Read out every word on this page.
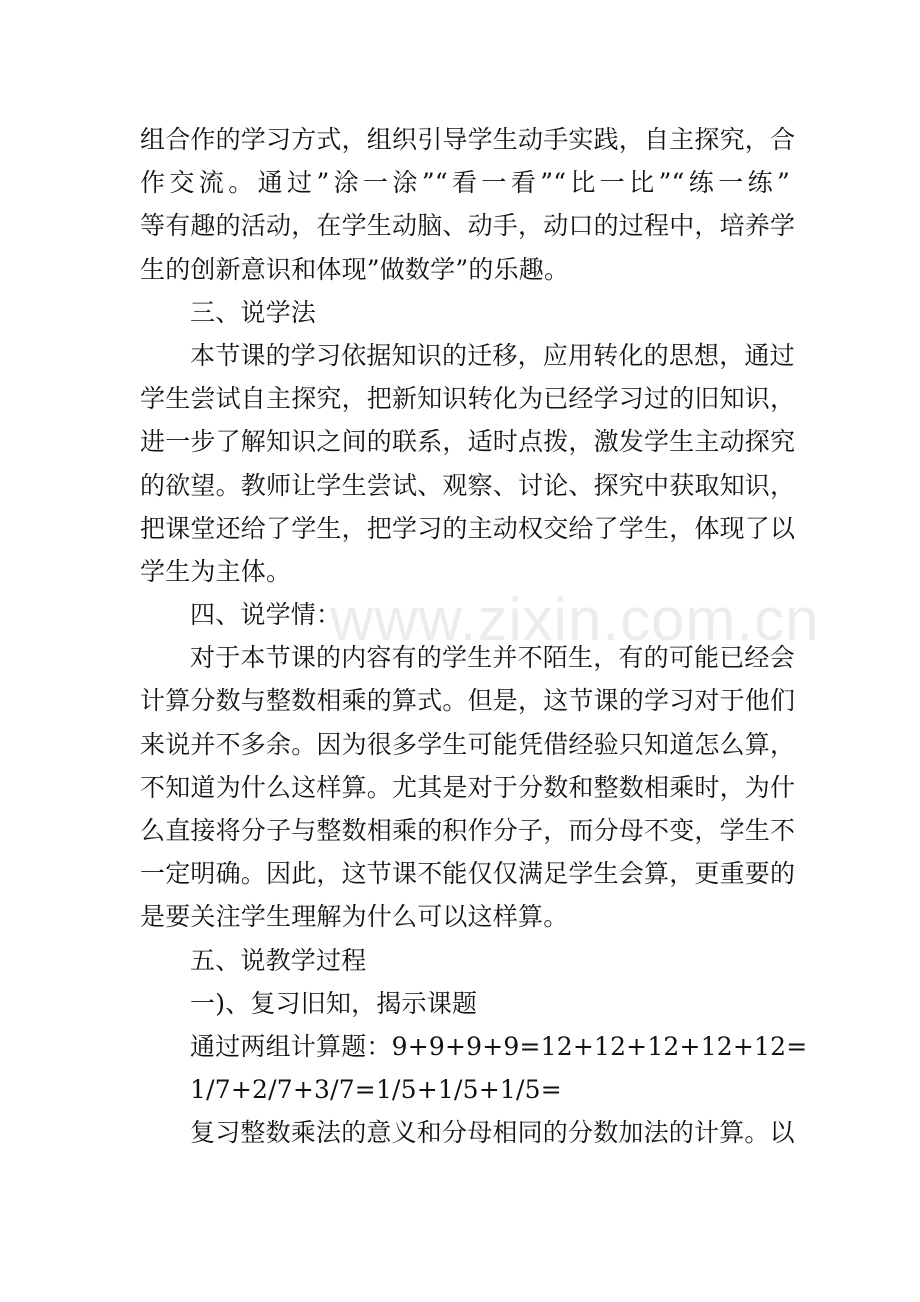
www.zixin.com.cn
组合作的学习方式，组织引导学生动手实践，自主探究，合
作交流。通过”涂一涂”“看一看”“比一比”“练一练”
等有趣的活动，在学生动脑、动手，动口的过程中，培养学
生的创新意识和体现”做数学”的乐趣。
三、说学法
本节课的学习依据知识的迁移，应用转化的思想，通过
学生尝试自主探究，把新知识转化为已经学习过的旧知识，
进一步了解知识之间的联系，适时点拨，激发学生主动探究
的欲望。教师让学生尝试、观察、讨论、探究中获取知识，
把课堂还给了学生，把学习的主动权交给了学生，体现了以
学生为主体。
四、说学情：
对于本节课的内容有的学生并不陌生，有的可能已经会
计算分数与整数相乘的算式。但是，这节课的学习对于他们
来说并不多余。因为很多学生可能凭借经验只知道怎么算，
不知道为什么这样算。尤其是对于分数和整数相乘时，为什
么直接将分子与整数相乘的积作分子，而分母不变，学生不
一定明确。因此，这节课不能仅仅满足学生会算，更重要的
是要关注学生理解为什么可以这样算。
五、说教学过程
一)、复习旧知，揭示课题
通过两组计算题：9+9+9+9=12+12+12+12+12=
1/7+2/7+3/7=1/5+1/5+1/5=
复习整数乘法的意义和分母相同的分数加法的计算。以
